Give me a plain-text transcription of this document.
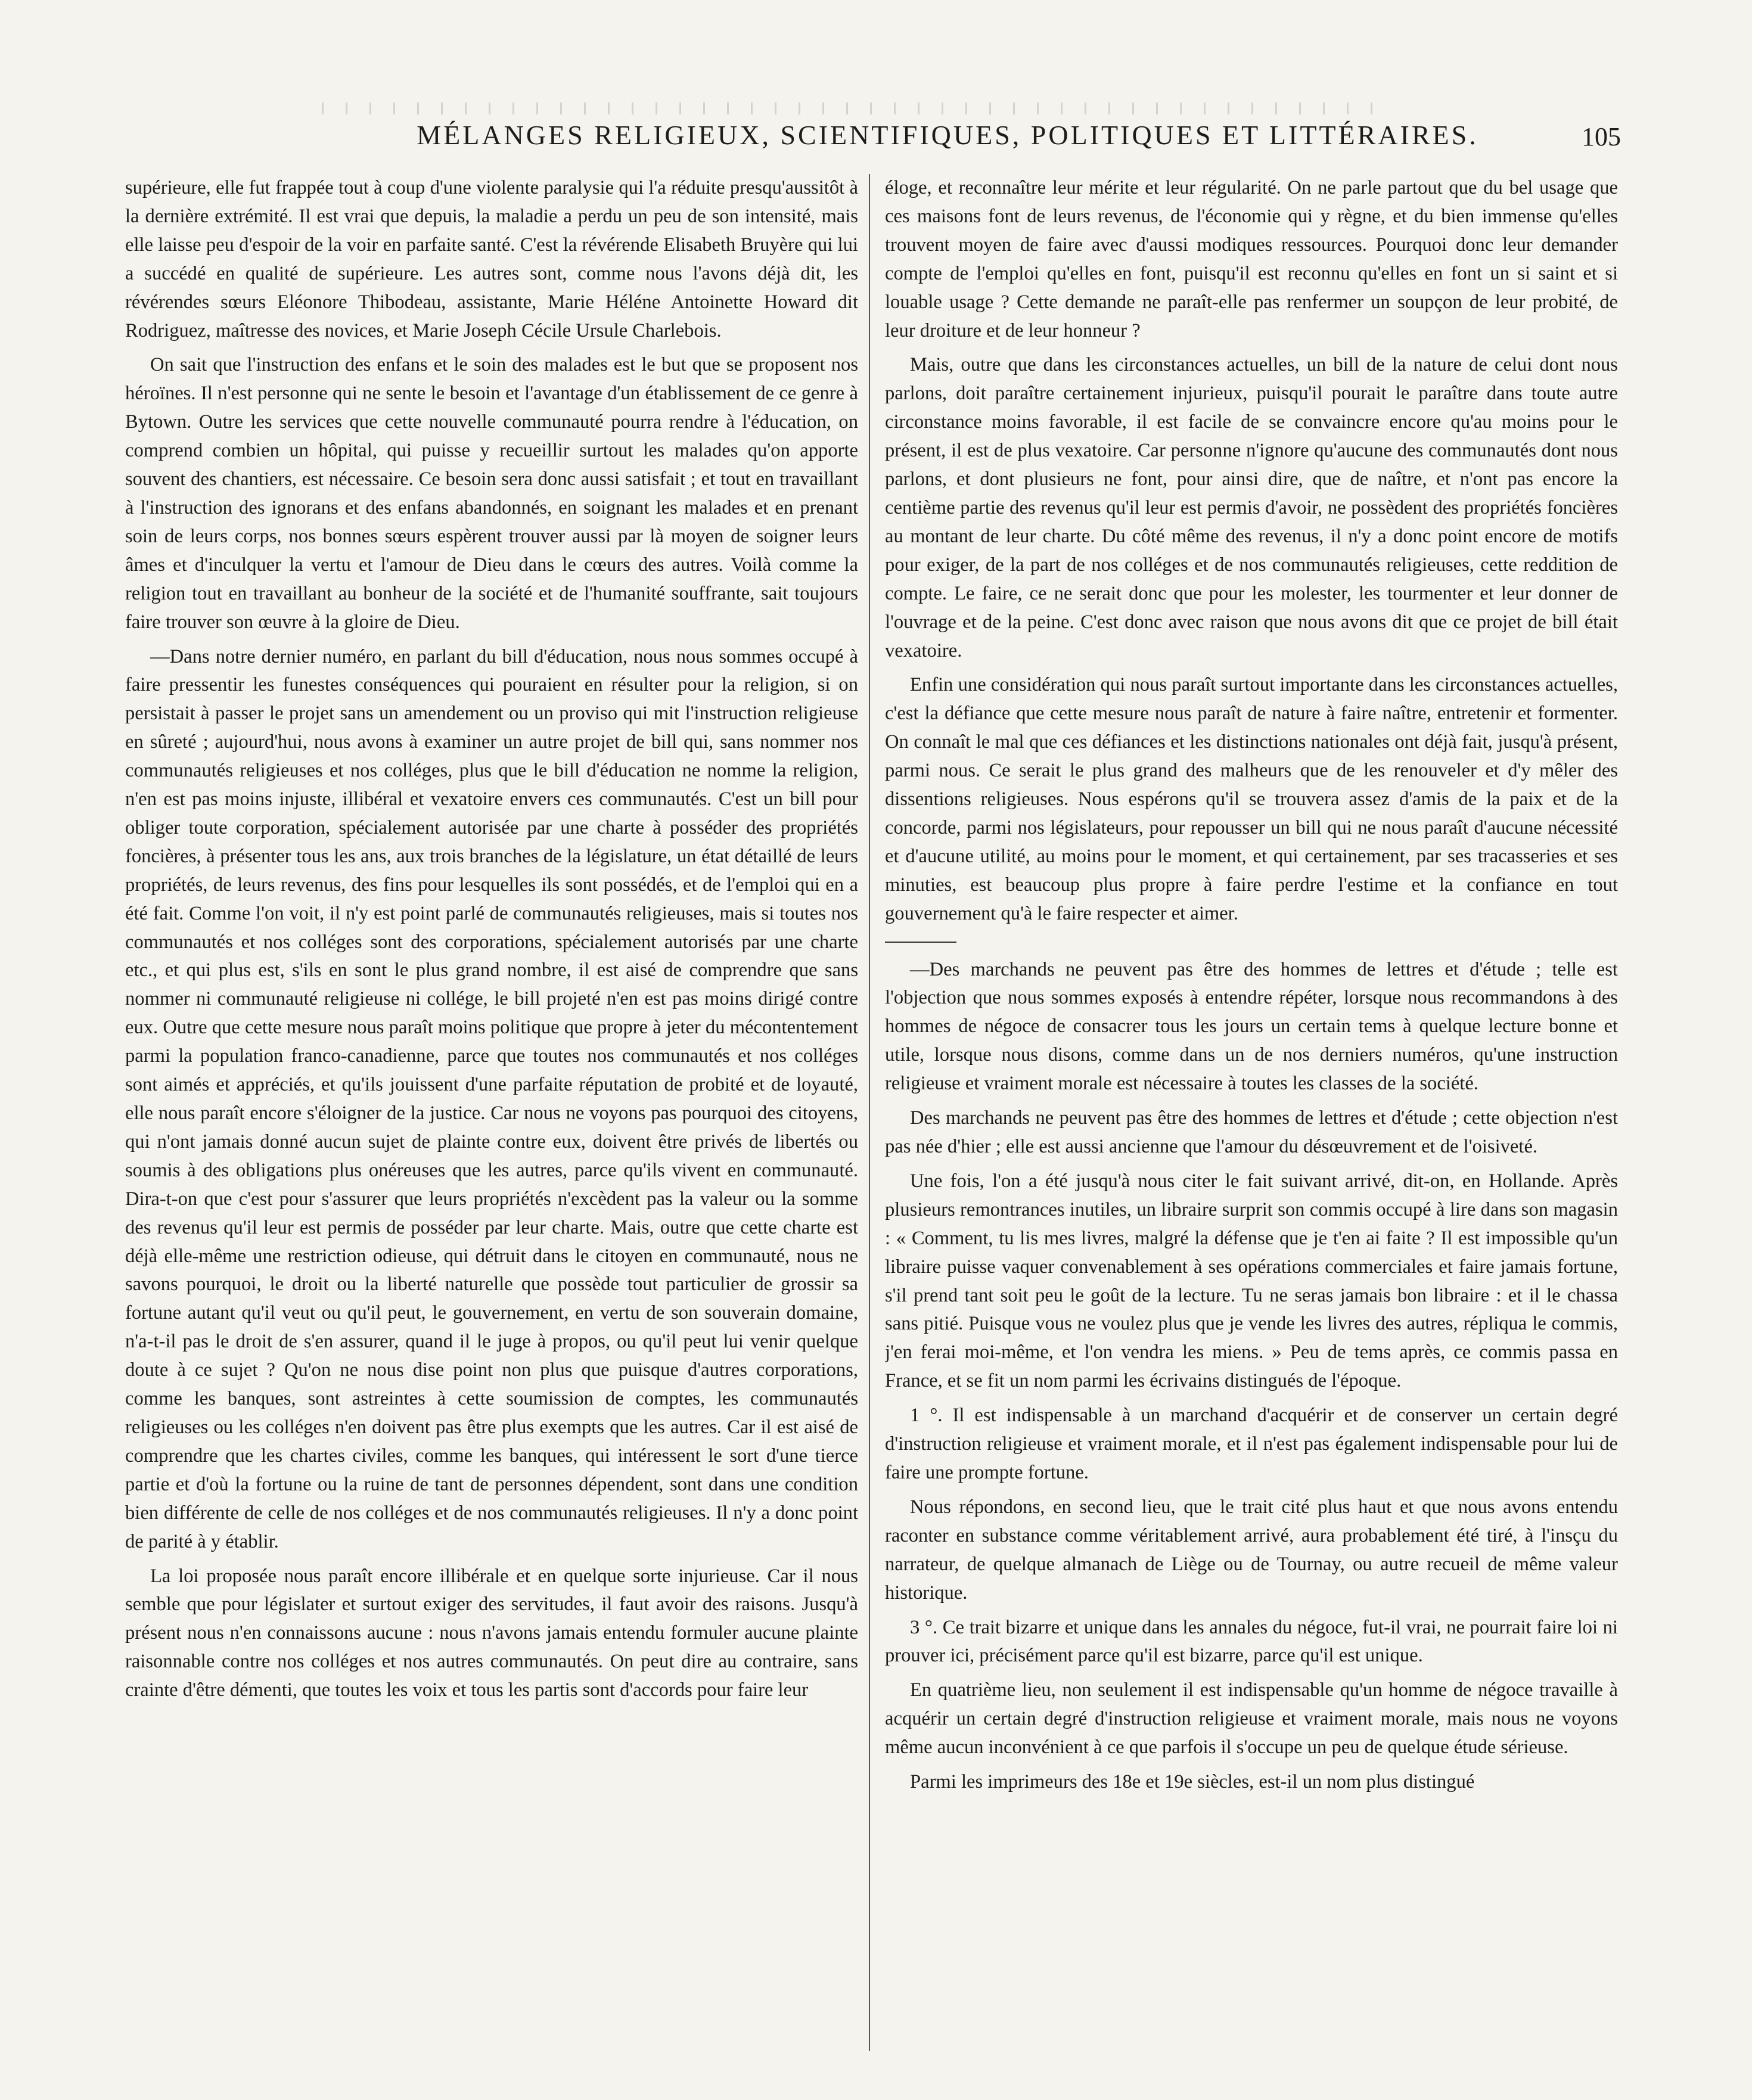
MÉLANGES RELIGIEUX, SCIENTIFIQUES, POLITIQUES ET LITTÉRAIRES.	105

supérieure, elle fut frappée tout à coup d'une violente paralysie qui l'a réduite presqu'aussitôt à la dernière extrémité. Il est vrai que depuis, la maladie a perdu un peu de son intensité, mais elle laisse peu d'espoir de la voir en parfaite santé. C'est la révérende Elisabeth Bruyère qui lui a succédé en qualité de supérieure. Les autres sont, comme nous l'avons déjà dit, les révérendes sœurs Eléonore Thibodeau, assistante, Marie Héléne Antoinette Howard dit Rodriguez, maîtresse des novices, et Marie Joseph Cécile Ursule Charlebois.

On sait que l'instruction des enfans et le soin des malades est le but que se proposent nos héroïnes. Il n'est personne qui ne sente le besoin et l'avantage d'un établissement de ce genre à Bytown. Outre les services que cette nouvelle communauté pourra rendre à l'éducation, on comprend combien un hôpital, qui puisse y recueillir surtout les malades qu'on apporte souvent des chantiers, est nécessaire. Ce besoin sera donc aussi satisfait ; et tout en travaillant à l'instruction des ignorans et des enfans abandonnés, en soignant les malades et en prenant soin de leurs corps, nos bonnes sœurs espèrent trouver aussi par là moyen de soigner leurs âmes et d'inculquer la vertu et l'amour de Dieu dans le cœurs des autres. Voilà comme la religion tout en travaillant au bonheur de la société et de l'humanité souffrante, sait toujours faire trouver son œuvre à la gloire de Dieu.

—Dans notre dernier numéro, en parlant du bill d'éducation, nous nous sommes occupé à faire pressentir les funestes conséquences qui pouraient en résulter pour la religion, si on persistait à passer le projet sans un amendement ou un proviso qui mit l'instruction religieuse en sûreté ; aujourd'hui, nous avons à examiner un autre projet de bill qui, sans nommer nos communautés religieuses et nos colléges, plus que le bill d'éducation ne nomme la religion, n'en est pas moins injuste, illibéral et vexatoire envers ces communautés. C'est un bill pour obliger toute corporation, spécialement autorisée par une charte à posséder des propriétés foncières, à présenter tous les ans, aux trois branches de la législature, un état détaillé de leurs propriétés, de leurs revenus, des fins pour lesquelles ils sont possédés, et de l'emploi qui en a été fait. Comme l'on voit, il n'y est point parlé de communautés religieuses, mais si toutes nos communautés et nos colléges sont des corporations, spécialement autorisés par une charte etc., et qui plus est, s'ils en sont le plus grand nombre, il est aisé de comprendre que sans nommer ni communauté religieuse ni collége, le bill projeté n'en est pas moins dirigé contre eux. Outre que cette mesure nous paraît moins politique que propre à jeter du mécontentement parmi la population franco-canadienne, parce que toutes nos communautés et nos colléges sont aimés et appréciés, et qu'ils jouissent d'une parfaite réputation de probité et de loyauté, elle nous paraît encore s'éloigner de la justice. Car nous ne voyons pas pourquoi des citoyens, qui n'ont jamais donné aucun sujet de plainte contre eux, doivent être privés de libertés ou soumis à des obligations plus onéreuses que les autres, parce qu'ils vivent en communauté. Dira-t-on que c'est pour s'assurer que leurs propriétés n'excèdent pas la valeur ou la somme des revenus qu'il leur est permis de posséder par leur charte. Mais, outre que cette charte est déjà elle-même une restriction odieuse, qui détruit dans le citoyen en communauté, nous ne savons pourquoi, le droit ou la liberté naturelle que possède tout particulier de grossir sa fortune autant qu'il veut ou qu'il peut, le gouvernement, en vertu de son souverain domaine, n'a-t-il pas le droit de s'en assurer, quand il le juge à propos, ou qu'il peut lui venir quelque doute à ce sujet ? Qu'on ne nous dise point non plus que puisque d'autres corporations, comme les banques, sont astreintes à cette soumission de comptes, les communautés religieuses ou les colléges n'en doivent pas être plus exempts que les autres. Car il est aisé de comprendre que les chartes civiles, comme les banques, qui intéressent le sort d'une tierce partie et d'où la fortune ou la ruine de tant de personnes dépendent, sont dans une condition bien différente de celle de nos colléges et de nos communautés religieuses. Il n'y a donc point de parité à y établir.

La loi proposée nous paraît encore illibérale et en quelque sorte injurieuse. Car il nous semble que pour législater et surtout exiger des servitudes, il faut avoir des raisons. Jusqu'à présent nous n'en connaissons aucune : nous n'avons jamais entendu formuler aucune plainte raisonnable contre nos colléges et nos autres communautés. On peut dire au contraire, sans crainte d'être démenti, que toutes les voix et tous les partis sont d'accords pour faire leur

éloge, et reconnaître leur mérite et leur régularité. On ne parle partout que du bel usage que ces maisons font de leurs revenus, de l'économie qui y règne, et du bien immense qu'elles trouvent moyen de faire avec d'aussi modiques ressources. Pourquoi donc leur demander compte de l'emploi qu'elles en font, puisqu'il est reconnu qu'elles en font un si saint et si louable usage ? Cette demande ne paraît-elle pas renfermer un soupçon de leur probité, de leur droiture et de leur honneur ?

Mais, outre que dans les circonstances actuelles, un bill de la nature de celui dont nous parlons, doit paraître certainement injurieux, puisqu'il pourait le paraître dans toute autre circonstance moins favorable, il est facile de se convaincre encore qu'au moins pour le présent, il est de plus vexatoire. Car personne n'ignore qu'aucune des communautés dont nous parlons, et dont plusieurs ne font, pour ainsi dire, que de naître, et n'ont pas encore la centième partie des revenus qu'il leur est permis d'avoir, ne possèdent des propriétés foncières au montant de leur charte. Du côté même des revenus, il n'y a donc point encore de motifs pour exiger, de la part de nos colléges et de nos communautés religieuses, cette reddition de compte. Le faire, ce ne serait donc que pour les molester, les tourmenter et leur donner de l'ouvrage et de la peine. C'est donc avec raison que nous avons dit que ce projet de bill était vexatoire.

Enfin une considération qui nous paraît surtout importante dans les circonstances actuelles, c'est la défiance que cette mesure nous paraît de nature à faire naître, entretenir et formenter. On connaît le mal que ces défiances et les distinctions nationales ont déjà fait, jusqu'à présent, parmi nous. Ce serait le plus grand des malheurs que de les renouveler et d'y mêler des dissentions religieuses. Nous espérons qu'il se trouvera assez d'amis de la paix et de la concorde, parmi nos législateurs, pour repousser un bill qui ne nous paraît d'aucune nécessité et d'aucune utilité, au moins pour le moment, et qui certainement, par ses tracasseries et ses minuties, est beaucoup plus propre à faire perdre l'estime et la confiance en tout gouvernement qu'à le faire respecter et aimer.

—Des marchands ne peuvent pas être des hommes de lettres et d'étude ; telle est l'objection que nous sommes exposés à entendre répéter, lorsque nous recommandons à des hommes de négoce de consacrer tous les jours un certain tems à quelque lecture bonne et utile, lorsque nous disons, comme dans un de nos derniers numéros, qu'une instruction religieuse et vraiment morale est nécessaire à toutes les classes de la société.

Des marchands ne peuvent pas être des hommes de lettres et d'étude ; cette objection n'est pas née d'hier ; elle est aussi ancienne que l'amour du désœuvrement et de l'oisiveté.

Une fois, l'on a été jusqu'à nous citer le fait suivant arrivé, dit-on, en Hollande. Après plusieurs remontrances inutiles, un libraire surprit son commis occupé à lire dans son magasin : « Comment, tu lis mes livres, malgré la défense que je t'en ai faite ? Il est impossible qu'un libraire puisse vaquer convenablement à ses opérations commerciales et faire jamais fortune, s'il prend tant soit peu le goût de la lecture. Tu ne seras jamais bon libraire : et il le chassa sans pitié. Puisque vous ne voulez plus que je vende les livres des autres, répliqua le commis, j'en ferai moi-même, et l'on vendra les miens. » Peu de tems après, ce commis passa en France, et se fit un nom parmi les écrivains distingués de l'époque.

1 °. Il est indispensable à un marchand d'acquérir et de conserver un certain degré d'instruction religieuse et vraiment morale, et il n'est pas également indispensable pour lui de faire une prompte fortune.

Nous répondons, en second lieu, que le trait cité plus haut et que nous avons entendu raconter en substance comme véritablement arrivé, aura probablement été tiré, à l'insçu du narrateur, de quelque almanach de Liège ou de Tournay, ou autre recueil de même valeur historique.

3 °. Ce trait bizarre et unique dans les annales du négoce, fut-il vrai, ne pourrait faire loi ni prouver ici, précisément parce qu'il est bizarre, parce qu'il est unique.

En quatrième lieu, non seulement il est indispensable qu'un homme de négoce travaille à acquérir un certain degré d'instruction religieuse et vraiment morale, mais nous ne voyons même aucun inconvénient à ce que parfois il s'occupe un peu de quelque étude sérieuse.

Parmi les imprimeurs des 18e et 19e siècles, est-il un nom plus distingué
